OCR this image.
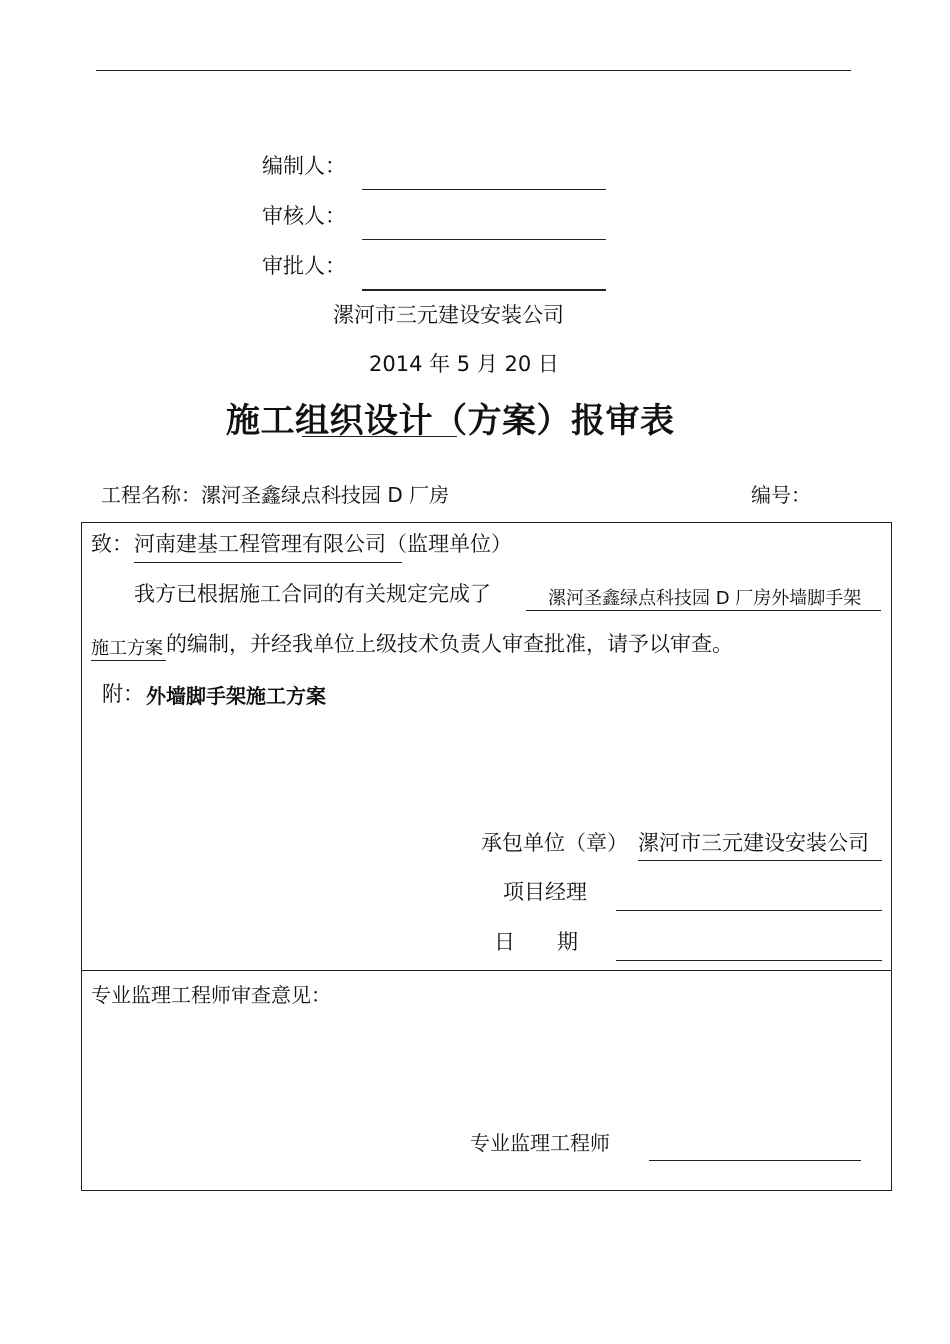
编制人：
审核人：
审批人：
漯河市三元建设安装公司
2014 年 5 月 20 日
施工组织设计（方案）报审表
工程名称：漯河圣鑫绿点科技园 D 厂房	编号：
致： 河南建基工程管理有限公司（监理单位）
我方已根据施工合同的有关规定完成了	漯河圣鑫绿点科技园 D 厂房外墙脚手架
施工方案 的编制，并经我单位上级技术负责人审查批准，请予以审查。
附： 外墙脚手架施工方案
承包单位（章） 漯河市三元建设安装公司
项目经理
日　　期
专业监理工程师审查意见：
专业监理工程师
